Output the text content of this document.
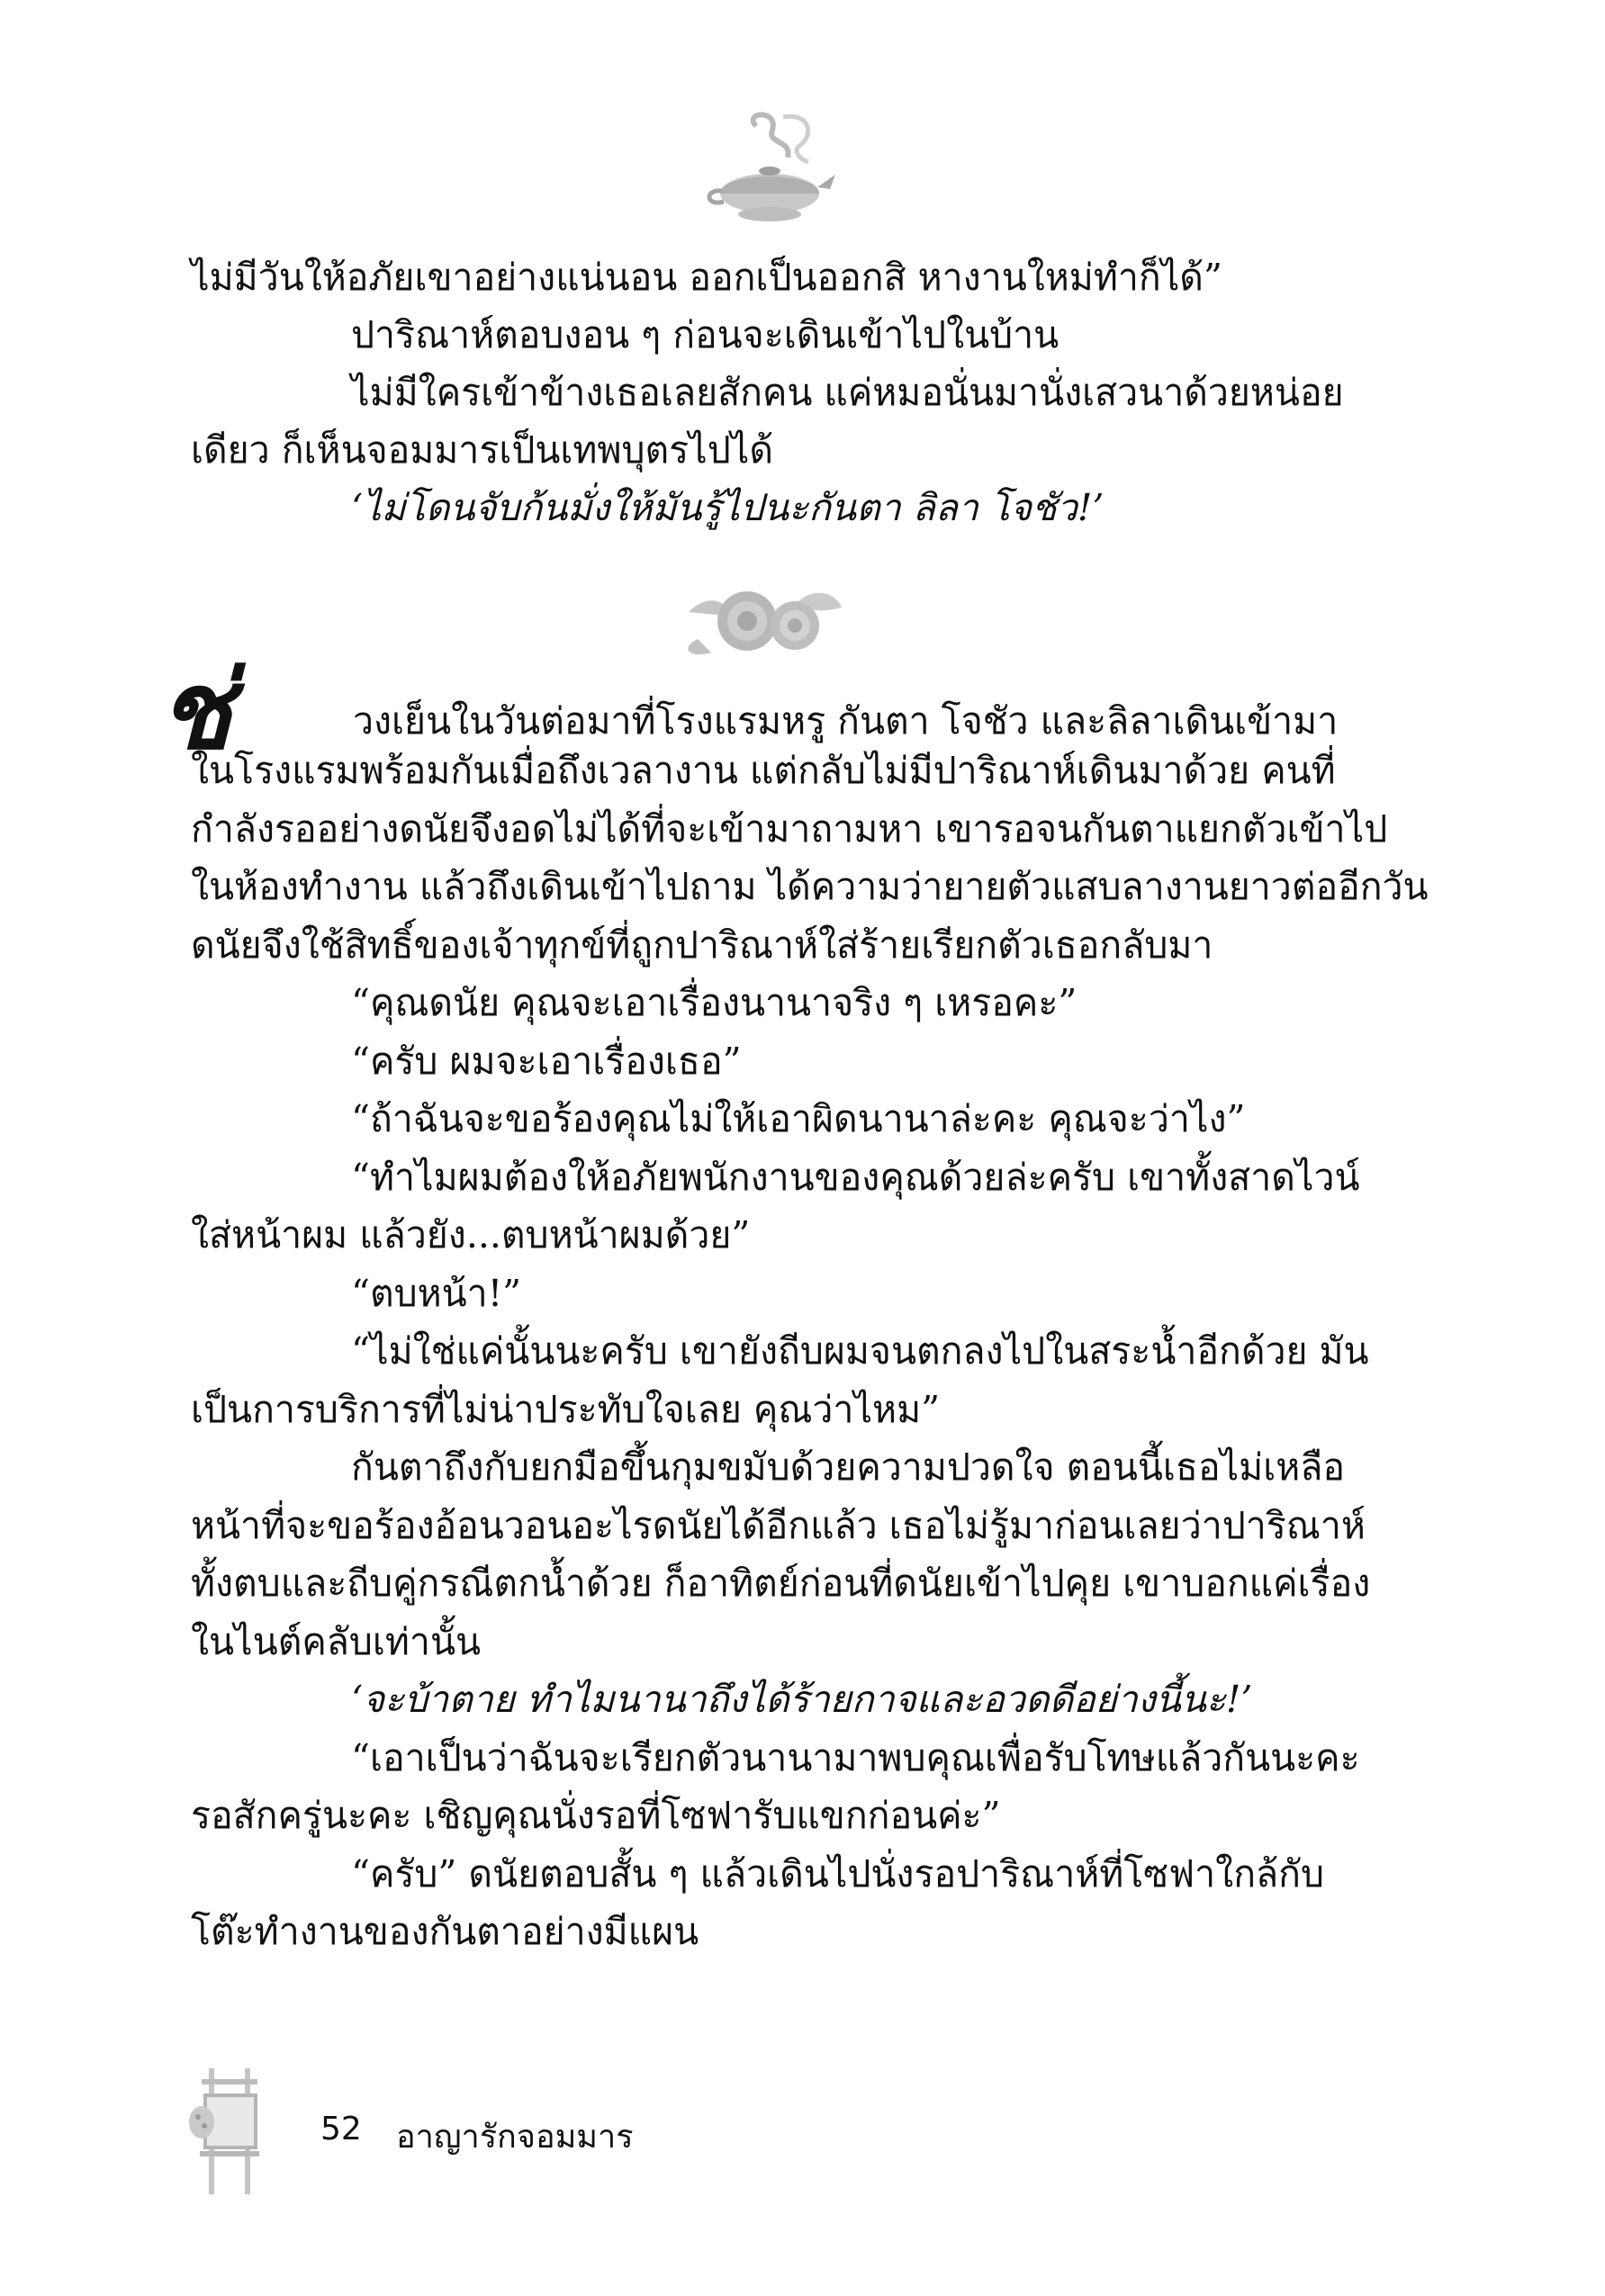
ไม่มีวันให้อภัยเขาอย่างแน่นอน ออกเป็นออกสิ หางานใหม่ทำก็ได้”
ปาริณาห์ตอบงอน ๆ ก่อนจะเดินเข้าไปในบ้าน
ไม่มีใครเข้าข้างเธอเลยสักคน แค่หมอนั่นมานั่งเสวนาด้วยหน่อย
เดียว ก็เห็นจอมมารเป็นเทพบุตรไปได้
‘ไม่โดนจับก้นมั่งให้มันรู้ไปนะกันตา ลิลา โจชัว!’
ช่	วงเย็นในวันต่อมาที่โรงแรมหรู กันตา โจชัว และลิลาเดินเข้ามา
ในโรงแรมพร้อมกันเมื่อถึงเวลางาน แต่กลับไม่มีปาริณาห์เดินมาด้วย คนที่
กำลังรออย่างดนัยจึงอดไม่ได้ที่จะเข้ามาถามหา เขารอจนกันตาแยกตัวเข้าไป
ในห้องทำงาน แล้วถึงเดินเข้าไปถาม ได้ความว่ายายตัวแสบลางานยาวต่ออีกวัน
ดนัยจึงใช้สิทธิ์ของเจ้าทุกข์ที่ถูกปาริณาห์ใส่ร้ายเรียกตัวเธอกลับมา
“คุณดนัย คุณจะเอาเรื่องนานาจริง ๆ เหรอคะ”
“ครับ ผมจะเอาเรื่องเธอ”
“ถ้าฉันจะขอร้องคุณไม่ให้เอาผิดนานาล่ะคะ คุณจะว่าไง”
“ทำไมผมต้องให้อภัยพนักงานของคุณด้วยล่ะครับ เขาทั้งสาดไวน์
ใส่หน้าผม แล้วยัง...ตบหน้าผมด้วย”
“ตบหน้า!”
“ไม่ใช่แค่นั้นนะครับ เขายังถีบผมจนตกลงไปในสระน้ำอีกด้วย มัน
เป็นการบริการที่ไม่น่าประทับใจเลย คุณว่าไหม”
กันตาถึงกับยกมือขึ้นกุมขมับด้วยความปวดใจ ตอนนี้เธอไม่เหลือ
หน้าที่จะขอร้องอ้อนวอนอะไรดนัยได้อีกแล้ว เธอไม่รู้มาก่อนเลยว่าปาริณาห์
ทั้งตบและถีบคู่กรณีตกน้ำด้วย ก็อาทิตย์ก่อนที่ดนัยเข้าไปคุย เขาบอกแค่เรื่อง
ในไนต์คลับเท่านั้น
‘จะบ้าตาย ทำไมนานาถึงได้ร้ายกาจและอวดดีอย่างนี้นะ!’
“เอาเป็นว่าฉันจะเรียกตัวนานามาพบคุณเพื่อรับโทษแล้วกันนะคะ
รอสักครู่นะคะ เชิญคุณนั่งรอที่โซฟารับแขกก่อนค่ะ”
“ครับ” ดนัยตอบสั้น ๆ แล้วเดินไปนั่งรอปาริณาห์ที่โซฟาใกล้กับ
โต๊ะทำงานของกันตาอย่างมีแผน
52 อาญารักจอมมาร
